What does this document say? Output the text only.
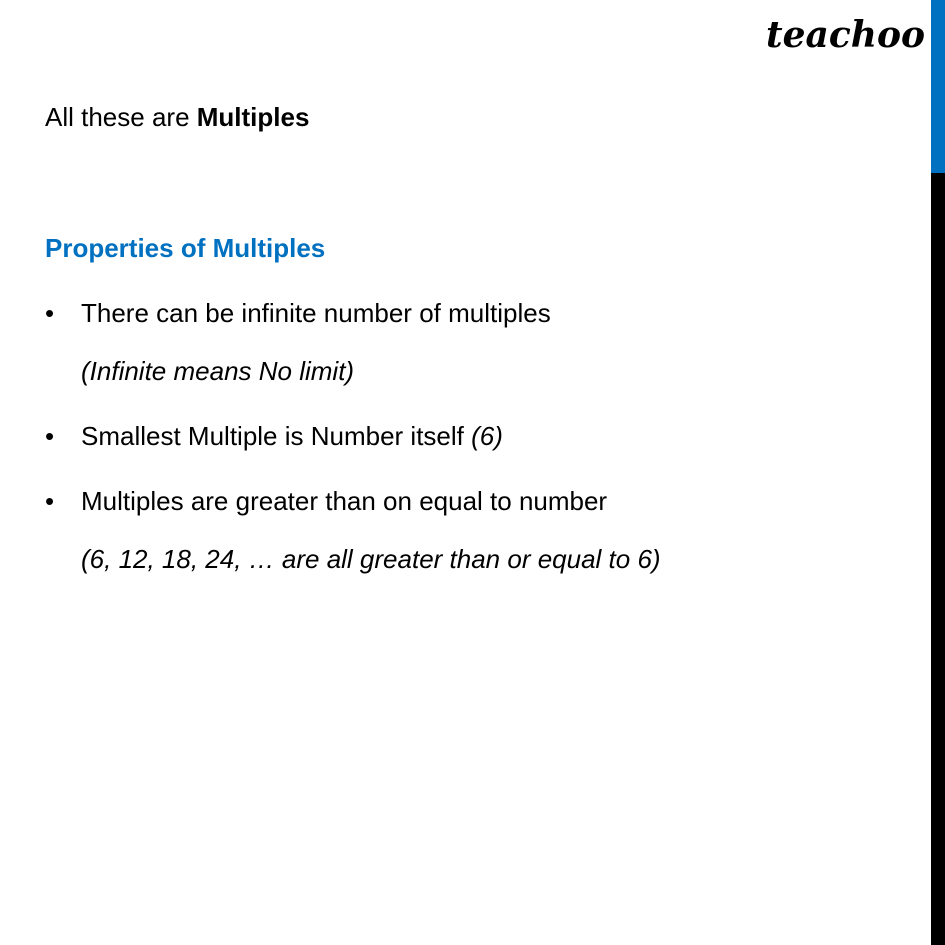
teachoo
All these are Multiples
Properties of Multiples
• There can be infinite number of multiples
(Infinite means No limit)
• Smallest Multiple is Number itself (6)
• Multiples are greater than on equal to number
(6, 12, 18, 24, … are all greater than or equal to 6)
